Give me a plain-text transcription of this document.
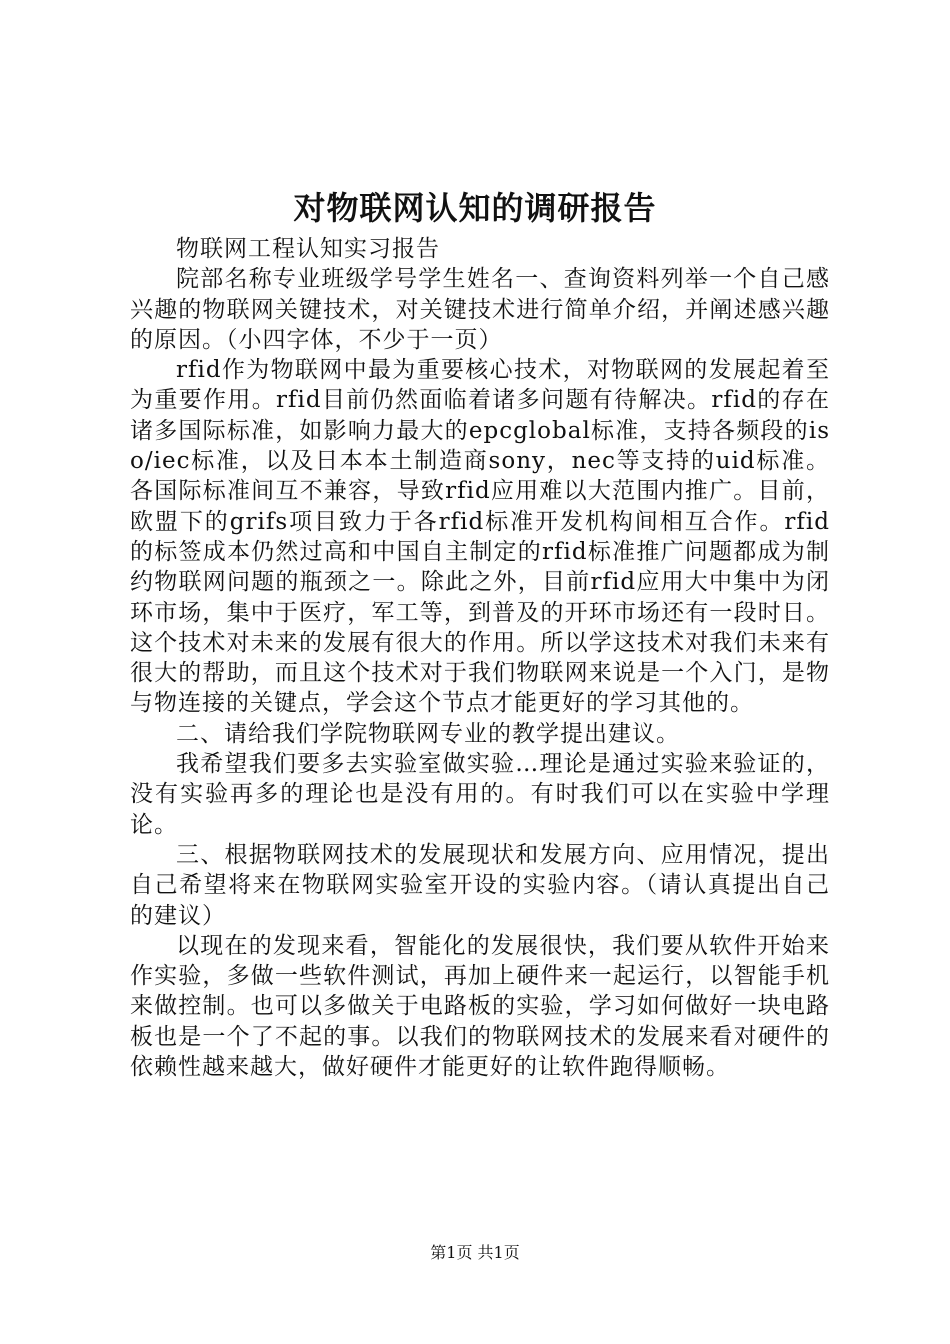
对物联网认知的调研报告

物联网工程认知实习报告

院部名称专业班级学号学生姓名一、查询资料列举一个自己感兴趣的物联网关键技术，对关键技术进行简单介绍，并阐述感兴趣的原因。（小四字体，不少于一页）

rfid作为物联网中最为重要核心技术，对物联网的发展起着至为重要作用。rfid目前仍然面临着诸多问题有待解决。rfid的存在诸多国际标准，如影响力最大的epcglobal标准，支持各频段的iso/iec标准，以及日本本土制造商sony，nec等支持的uid标准。各国际标准间互不兼容，导致rfid应用难以大范围内推广。目前，欧盟下的grifs项目致力于各rfid标准开发机构间相互合作。rfid的标签成本仍然过高和中国自主制定的rfid标准推广问题都成为制约物联网问题的瓶颈之一。除此之外，目前rfid应用大中集中为闭环市场，集中于医疗，军工等，到普及的开环市场还有一段时日。这个技术对未来的发展有很大的作用。所以学这技术对我们未来有很大的帮助，而且这个技术对于我们物联网来说是一个入门，是物与物连接的关键点，学会这个节点才能更好的学习其他的。

二、请给我们学院物联网专业的教学提出建议。

我希望我们要多去实验室做实验…理论是通过实验来验证的，没有实验再多的理论也是没有用的。有时我们可以在实验中学理论。

三、根据物联网技术的发展现状和发展方向、应用情况，提出自己希望将来在物联网实验室开设的实验内容。（请认真提出自己的建议）

以现在的发现来看，智能化的发展很快，我们要从软件开始来作实验，多做一些软件测试，再加上硬件来一起运行，以智能手机来做控制。也可以多做关于电路板的实验，学习如何做好一块电路板也是一个了不起的事。以我们的物联网技术的发展来看对硬件的依赖性越来越大，做好硬件才能更好的让软件跑得顺畅。

第1页 共1页
